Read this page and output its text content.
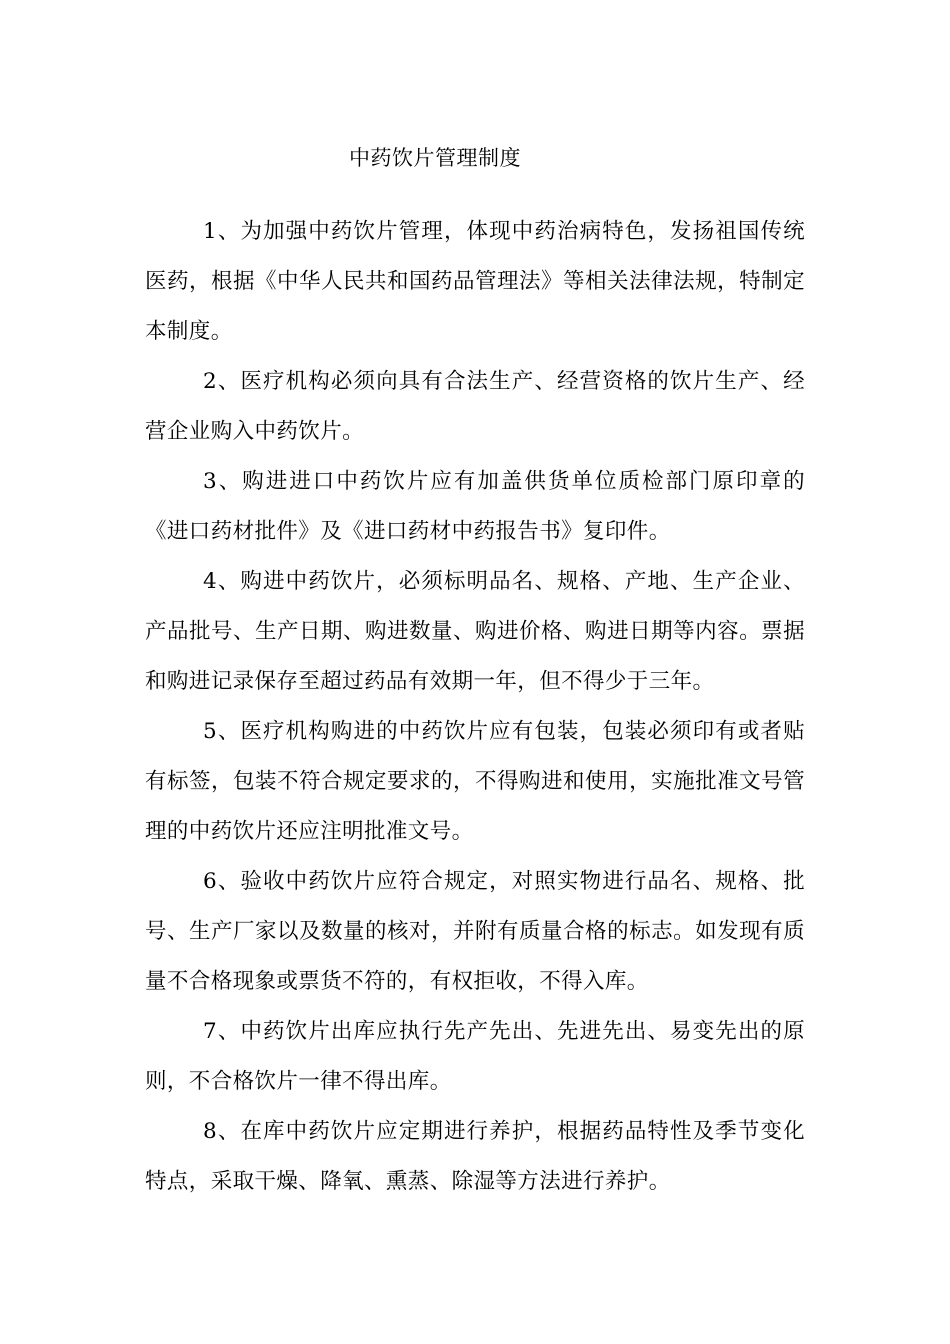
中药饮片管理制度

1、为加强中药饮片管理，体现中药治病特色，发扬祖国传统医药，根据《中华人民共和国药品管理法》等相关法律法规，特制定本制度。

2、医疗机构必须向具有合法生产、经营资格的饮片生产、经营企业购入中药饮片。

3、购进进口中药饮片应有加盖供货单位质检部门原印章的《进口药材批件》及《进口药材中药报告书》复印件。

4、购进中药饮片，必须标明品名、规格、产地、生产企业、产品批号、生产日期、购进数量、购进价格、购进日期等内容。票据和购进记录保存至超过药品有效期一年，但不得少于三年。

5、医疗机构购进的中药饮片应有包装，包装必须印有或者贴有标签，包装不符合规定要求的，不得购进和使用，实施批准文号管理的中药饮片还应注明批准文号。

6、验收中药饮片应符合规定，对照实物进行品名、规格、批号、生产厂家以及数量的核对，并附有质量合格的标志。如发现有质量不合格现象或票货不符的，有权拒收，不得入库。

7、中药饮片出库应执行先产先出、先进先出、易变先出的原则，不合格饮片一律不得出库。

8、在库中药饮片应定期进行养护，根据药品特性及季节变化特点，采取干燥、降氧、熏蒸、除湿等方法进行养护。
